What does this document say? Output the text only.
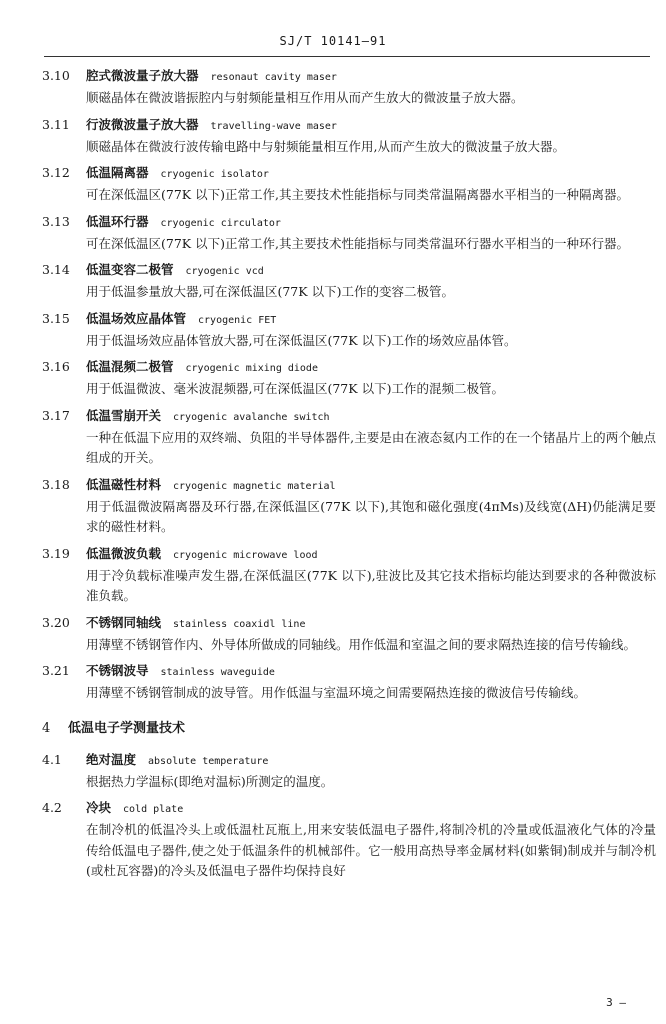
SJ/T 10141—91
3.10 腔式微波量子放大器 resonaut cavity maser
顺磁晶体在微波谐振腔内与射频能量相互作用从而产生放大的微波量子放大器。
3.11 行波微波量子放大器 travelling-wave maser
顺磁晶体在微波行波传输电路中与射频能量相互作用,从而产生放大的微波量子放大器。
3.12 低温隔离器 cryogenic isolator
可在深低温区(77K 以下)正常工作,其主要技术性能指标与同类常温隔离器水平相当的一种隔离器。
3.13 低温环行器 cryogenic circulator
可在深低温区(77K 以下)正常工作,其主要技术性能指标与同类常温环行器水平相当的一种环行器。
3.14 低温变容二极管 cryogenic vcd
用于低温参量放大器,可在深低温区(77K 以下)工作的变容二极管。
3.15 低温场效应晶体管 cryogenic FET
用于低温场效应晶体管放大器,可在深低温区(77K 以下)工作的场效应晶体管。
3.16 低温混频二极管 cryogenic mixing diode
用于低温微波、毫米波混频器,可在深低温区(77K 以下)工作的混频二极管。
3.17 低温雪崩开关 cryogenic avalanche switch
一种在低温下应用的双终端、负阻的半导体器件,主要是由在液态氦内工作的在一个锗晶片上的两个触点组成的开关。
3.18 低温磁性材料 cryogenic magnetic material
用于低温微波隔离器及环行器,在深低温区(77K 以下),其饱和磁化强度(4πMs)及线宽(ΔH)仍能满足要求的磁性材料。
3.19 低温微波负载 cryogenic microwave lood
用于冷负载标准噪声发生器,在深低温区(77K 以下),驻波比及其它技术指标均能达到要求的各种微波标准负载。
3.20 不锈钢同轴线 stainless coaxidl line
用薄壁不锈钢管作内、外导体所做成的同轴线。用作低温和室温之间的要求隔热连接的信号传输线。
3.21 不锈钢波导 stainless waveguide
用薄壁不锈钢管制成的波导管。用作低温与室温环境之间需要隔热连接的微波信号传输线。
4 低温电子学测量技术
4.1 绝对温度 absolute temperature
根据热力学温标(即绝对温标)所测定的温度。
4.2 冷块 cold plate
在制冷机的低温冷头上或低温杜瓦瓶上,用来安装低温电子器件,将制冷机的冷量或低温液化气体的冷量传给低温电子器件,使之处于低温条件的机械部件。它一般用高热导率金属材料(如紫铜)制成并与制冷机(或杜瓦容器)的冷头及低温电子器件均保持良好
3 —
